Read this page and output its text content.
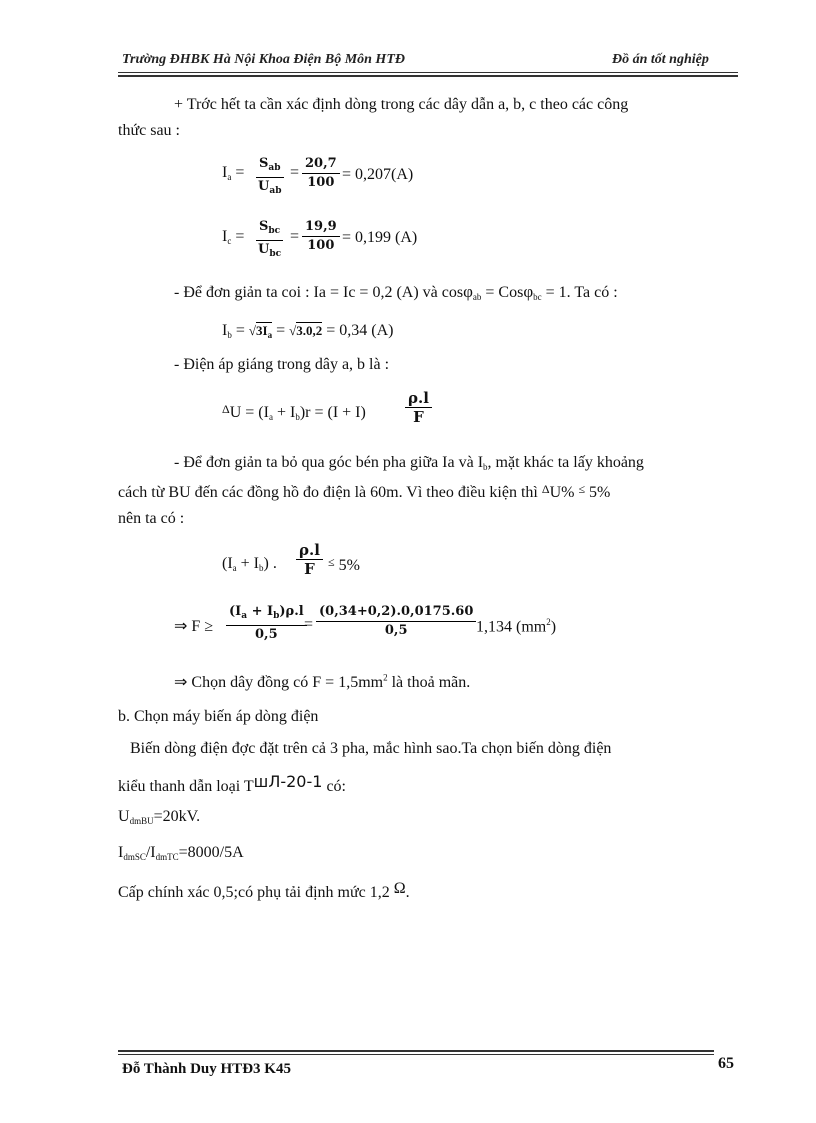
Trường ĐHBK Hà Nội Khoa Điện Bộ Môn HTĐ	Đồ án tốt nghiệp
+ Trớc hết ta cần xác định dòng trong các dây dẫn a, b, c theo các công
thức sau :
$I_a$ =
$S_{ab}$
$U_{ab}$
= $\frac{20,7}{100} = 0,207(A)$
$I_c$ =
$S_{bc}$
$U_{bc}$
= $\frac{19,9}{100} = 0,199$ (A)
- Để đơn giản ta coi : Ia = Ic = 0,2 (A) và cosφ$_{ab}$ = Cosφ$_{bc}$ = 1. Ta có :
$I_b = √3I_a = √3.0,2 = 0,34$ (A)
- Điện áp giáng trong dây a, b là :
$^\Delta U = (I_a + I_b)r = (I + I)$	$\frac{\rho.l}{F}$
- Để đơn giản ta bỏ qua góc bén pha giữa Ia và $I_b$, mặt khác ta lấy khoảng
cách từ BU đến các đồng hồ đo điện là 60m. Vì theo điều kiện thì $^\Delta$U% ≤ 5%
nên ta có :
$(I_a + I_b)$ . $\frac{\rho.l}{F} ^\le$ 5%
⇒ $F \ge \frac{(I_a + I_b)\rho.l}{0,5}$
= $\frac{(0,34+0,2).0,0175.60}{0,5} 1,134$ $(mm^2)$
⇒ Chọn dây đồng có $F = 1,5mm^2$ là thoả mãn.
b. Chọn máy biến áp dòng điện
Biến dòng điện đợc đặt trên cả 3 pha, mắc hình sao.Ta chọn biến dòng điện
kiểu thanh dẫn loại TшЛ-20-1 có:
$U_{dmBU}=20kV$.
$I_{dmSC}/I_{dmTC}=8000/5A$
Cấp chính xác 0,5;có phụ tải định mức 1,2 Ω.
Đỗ Thành Duy HTĐ3 K45	65
